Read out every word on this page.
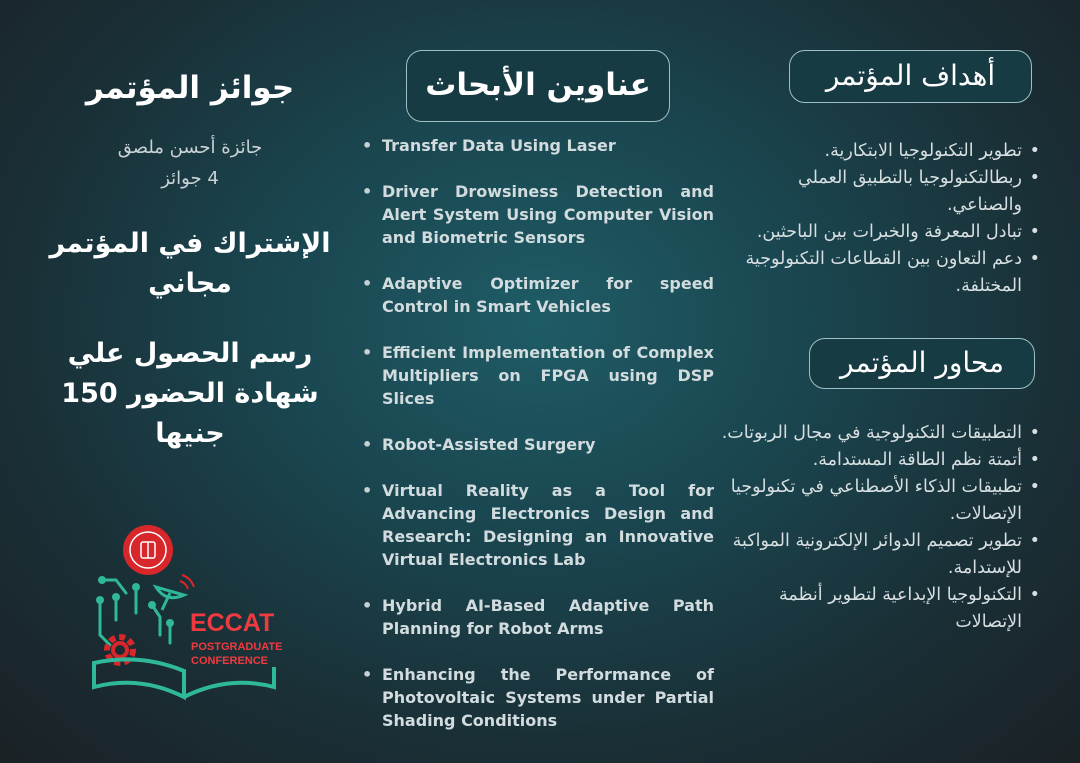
جوائز المؤتمر
جائزة أحسن ملصق
4 جوائز
الإشتراك في المؤتمر
مجاني
رسم الحصول علي
شهادة الحضور 150
جنيها
ECCAT
POSTGRADUATE
CONFERENCE
عناوين الأبحاث
• Transfer Data Using Laser
• Driver Drowsiness Detection and Alert System Using Computer Vision and Biometric Sensors
• Adaptive Optimizer for speed Control in Smart Vehicles
• Efficient Implementation of Complex Multipliers on FPGA using DSP Slices
• Robot-Assisted Surgery
• Virtual Reality as a Tool for Advancing Electronics Design and Research: Designing an Innovative Virtual Electronics Lab
• Hybrid AI-Based Adaptive Path Planning for Robot Arms
• Enhancing the Performance of Photovoltaic Systems under Partial Shading Conditions
أهداف المؤتمر
• تطوير التكنولوجيا الابتكارية.
• ربطالتكنولوجيا بالتطبيق العملي والصناعي.
• تبادل المعرفة والخبرات بين الباحثين.
• دعم التعاون بين القطاعات التكنولوجية المختلفة.
محاور المؤتمر
• التطبيقات التكنولوجية في مجال الربوتات.
• أتمتة نظم الطاقة المستدامة.
• تطبيقات الذكاء الأصطناعي في تكنولوجيا الإتصالات.
• تطوير تصميم الدوائر الإلكترونية المواكبة للإستدامة.
• التكنولوجيا الإبداعية لتطوير أنظمة الإتصالات
